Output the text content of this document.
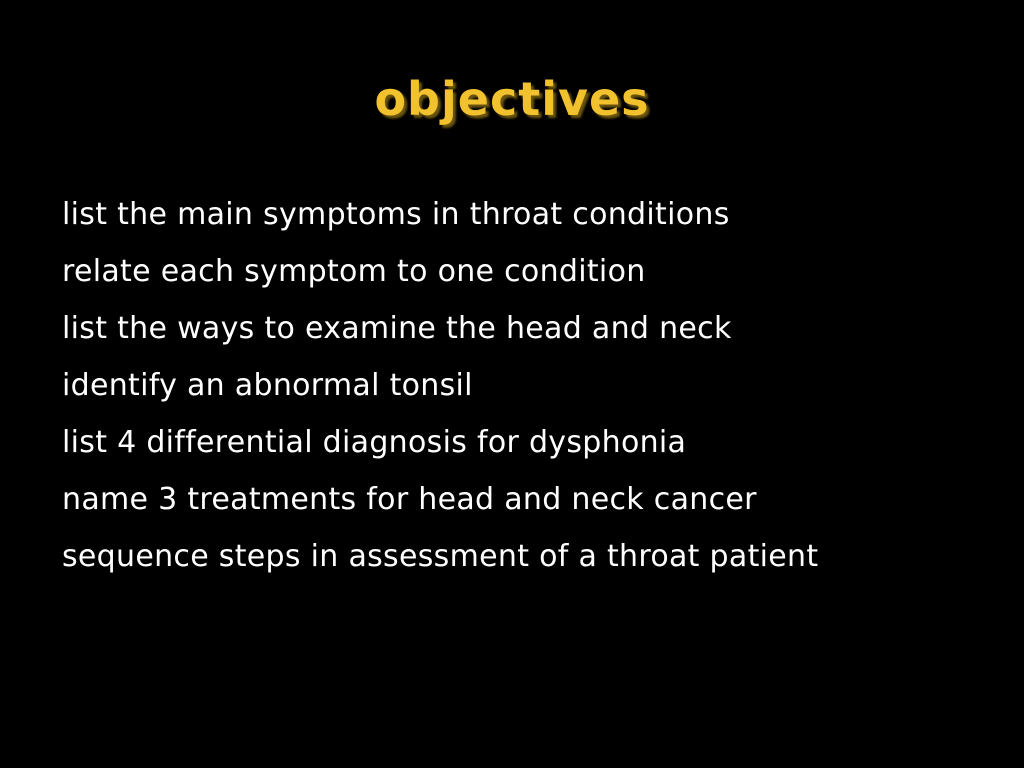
objectives
list the main symptoms in throat conditions
relate each symptom to one condition
list the ways to examine the head and neck
identify an abnormal tonsil
list 4 differential diagnosis for dysphonia
name 3 treatments for head and neck cancer
sequence steps in assessment of a throat patient
